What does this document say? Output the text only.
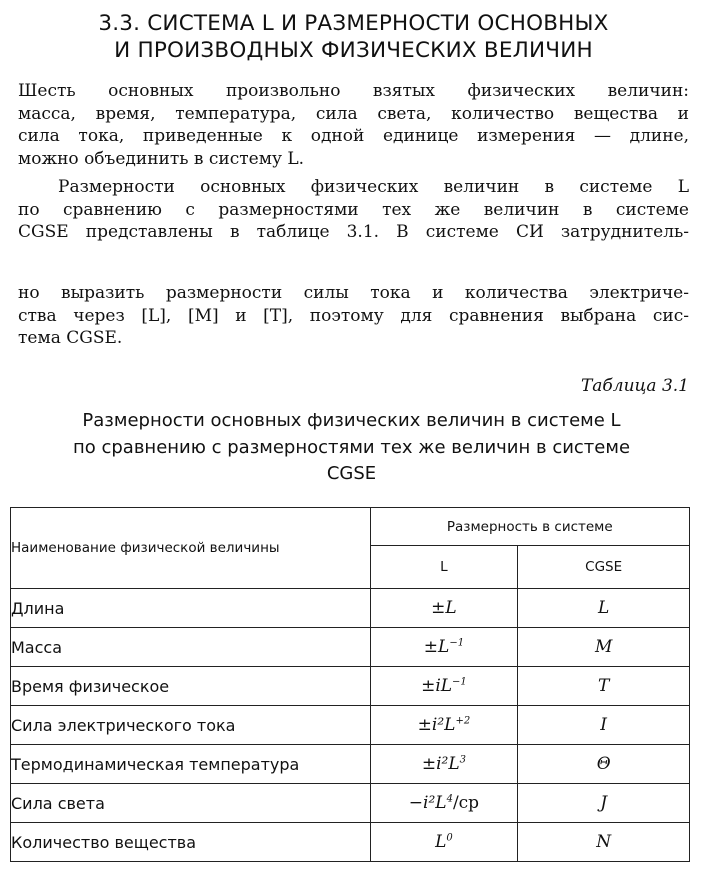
3.3. СИСТЕМА L И РАЗМЕРНОСТИ ОСНОВНЫХ
И ПРОИЗВОДНЫХ ФИЗИЧЕСКИХ ВЕЛИЧИН
Шесть основных произвольно взятых физических величин:
масса, время, температура, сила света, количество вещества и
сила тока, приведенные к одной единице измерения — длине,
можно объединить в систему L.
Размерности основных физических величин в системе L
по сравнению с размерностями тех же величин в системе
CGSE представлены в таблице 3.1. В системе СИ затруднитель-
но выразить размерности силы тока и количества электриче-
ства через [L], [M] и [T], поэтому для сравнения выбрана сис-
тема CGSE.
Таблица 3.1
Размерности основных физических величин в системе L
по сравнению с размерностями тех же величин в системе
CGSE
Наименование физической величины	Размерность в системе	
	L	CGSE
Длина	±L	L
Масса	$\pm L^{-1}$	M
Время физическое	$\pm iL^{-1}$	T
Сила электрического тока	$\pm i^2L^{+2}$	I
Термодинамическая температура	$\pm i^2L^3$	Θ
Сила света	$-i^2L^4/ср$	J
Количество вещества	$L^0$	N
